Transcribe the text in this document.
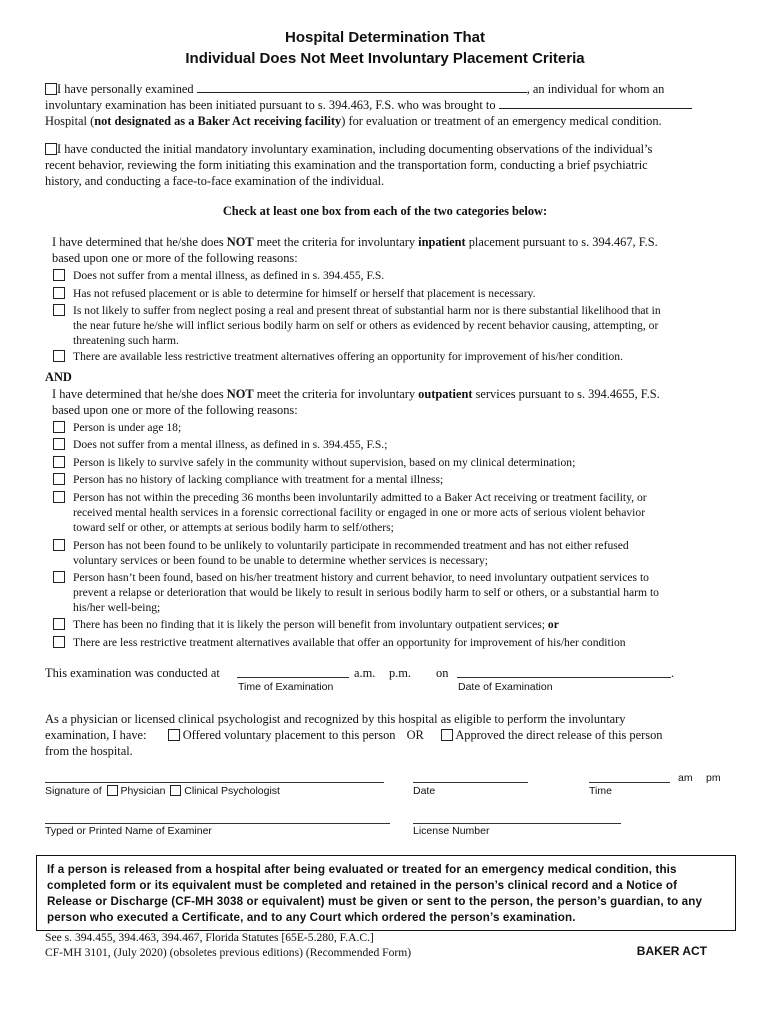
Hospital Determination That
Individual Does Not Meet Involuntary Placement Criteria
I have personally examined	, an individual for whom an
involuntary examination has been initiated pursuant to s. 394.463, F.S. who was brought to
Hospital (not designated as a Baker Act receiving facility) for evaluation or treatment of an emergency medical condition.
I have conducted the initial mandatory involuntary examination, including documenting observations of the individual’s
recent behavior, reviewing the form initiating this examination and the transportation form, conducting a brief psychiatric
history, and conducting a face-to-face examination of the individual.
Check at least one box from each of the two categories below:
I have determined that he/she does NOT meet the criteria for involuntary inpatient placement pursuant to s. 394.467, F.S.
based upon one or more of the following reasons:
Does not suffer from a mental illness, as defined in s. 394.455, F.S.
Has not refused placement or is able to determine for himself or herself that placement is necessary.
Is not likely to suffer from neglect posing a real and present threat of substantial harm nor is there substantial likelihood that in
the near future he/she will inflict serious bodily harm on self or others as evidenced by recent behavior causing, attempting, or
threatening such harm.
There are available less restrictive treatment alternatives offering an opportunity for improvement of his/her condition.
AND
I have determined that he/she does NOT meet the criteria for involuntary outpatient services pursuant to s. 394.4655, F.S.
based upon one or more of the following reasons:
Person is under age 18;
Does not suffer from a mental illness, as defined in s. 394.455, F.S.;
Person is likely to survive safely in the community without supervision, based on my clinical determination;
Person has no history of lacking compliance with treatment for a mental illness;
Person has not within the preceding 36 months been involuntarily admitted to a Baker Act receiving or treatment facility, or
received mental health services in a forensic correctional facility or engaged in one or more acts of serious violent behavior
toward self or other, or attempts at serious bodily harm to self/others;
Person has not been found to be unlikely to voluntarily participate in recommended treatment and has not either refused
voluntary services or been found to be unable to determine whether services is necessary;
Person hasn’t been found, based on his/her treatment history and current behavior, to need involuntary outpatient services to
prevent a relapse or deterioration that would be likely to result in serious bodily harm to self or others, or a substantial harm to
his/her well-being;
There has been no finding that it is likely the person will benefit from involuntary outpatient services; or
There are less restrictive treatment alternatives available that offer an opportunity for improvement of his/her condition
This examination was conducted at	a.m. p.m. on	.
Time of Examination	Date of Examination
As a physician or licensed clinical psychologist and recognized by this hospital as eligible to perform the involuntary
examination, I have:	Offered voluntary placement to this person OR	Approved the direct release of this person
from the hospital.
am pm
Signature of Physician Clinical Psychologist	Date	Time
Typed or Printed Name of Examiner	License Number
If a person is released from a hospital after being evaluated or treated for an emergency medical condition, this completed form or its equivalent must be completed and retained in the person’s clinical record and a Notice of Release or Discharge (CF-MH 3038 or equivalent) must be given or sent to the person, the person’s guardian, to any person who executed a Certificate, and to any Court which ordered the person’s examination.
See s. 394.455, 394.463, 394.467, Florida Statutes [65E-5.280, F.A.C.]
CF-MH 3101, (July 2020) (obsoletes previous editions) (Recommended Form)	BAKER ACT
